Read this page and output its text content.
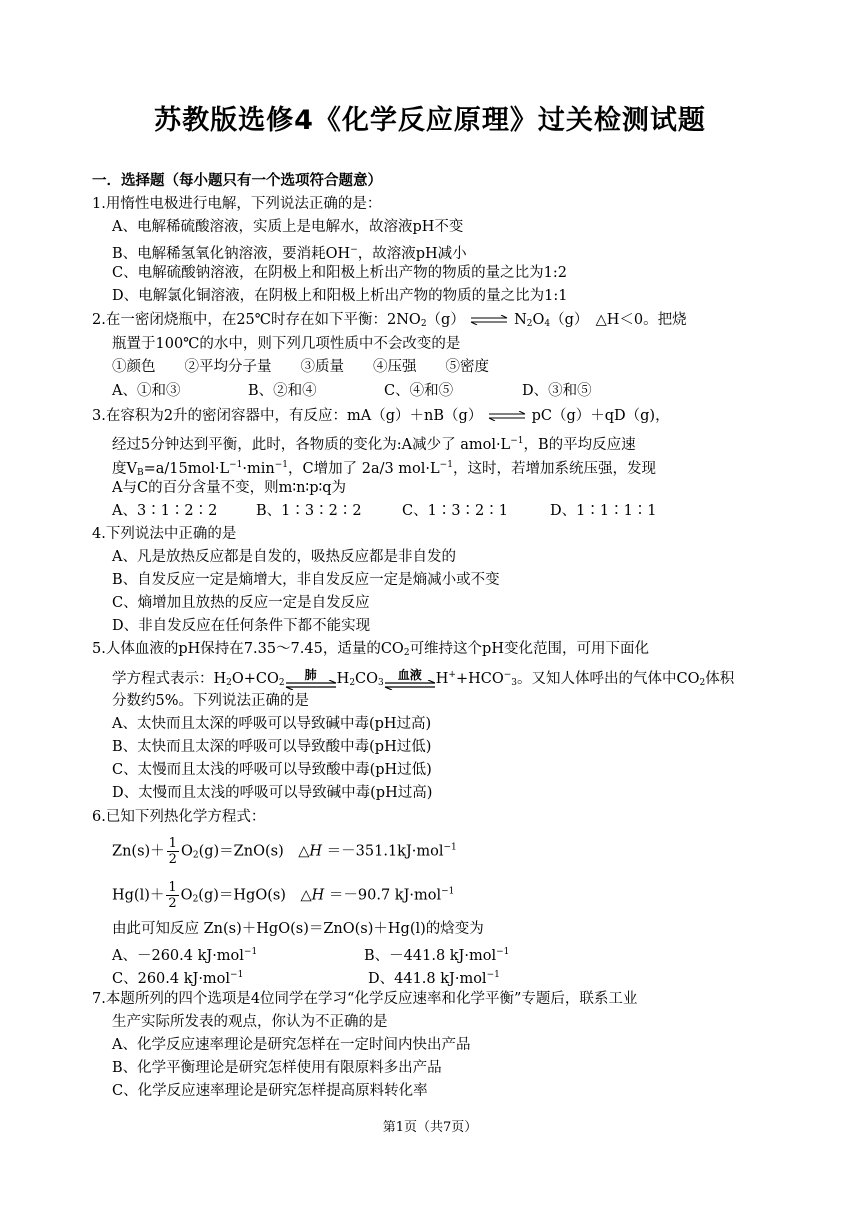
苏教版选修4《化学反应原理》过关检测试题
一．选择题（每小题只有一个选项符合题意）
1.用惰性电极进行电解，下列说法正确的是：
A、电解稀硫酸溶液，实质上是电解水，故溶液pH不变
B、电解稀氢氧化钠溶液，要消耗OH−，故溶液pH减小
C、电解硫酸钠溶液，在阴极上和阳极上析出产物的物质的量之比为1:2
D、电解氯化铜溶液，在阴极上和阳极上析出产物的物质的量之比为1:1
2.在一密闭烧瓶中，在25℃时存在如下平衡：$2NO_2(g)$ ⇌ $N_2O_4(g)$　△H＜0。把烧
瓶置于100℃的水中，则下列几项性质中不会改变的是
①颜色　　②平均分子量　　③质量　　④压强　　⑤密度
A、①和③	B、②和④	C、④和⑤	D、③和⑤
3.在容积为2升的密闭容器中，有反应：mA（g）＋nB（g） ⇌ pC（g）＋qD（g)，
经过5分钟达到平衡，此时，各物质的变化为:A减少了 $amol\cdot L^{-1}$，B的平均反应速
度$V_B=a/15mol\cdot L^{-1}\cdot\min^{-1}$，C增加了 2a/3 $mol\cdot L^{-1}$，这时，若增加系统压强，发现
A与C的百分含量不变，则m∶n∶p∶q为
A、3∶1∶2∶2	B、1∶3∶2∶2	C、1∶3∶2∶1	D、1∶1∶1∶1
4.下列说法中正确的是
A、凡是放热反应都是自发的，吸热反应都是非自发的
B、自发反应一定是熵增大，非自发反应一定是熵减小或不变
C、熵增加且放热的反应一定是自发反应
D、非自发反应在任何条件下都不能实现
5.人体血液的pH保持在7.35～7.45，适量的$CO_2$可维持这个pH变化范围，可用下面化
学方程式表示：$H_2O+CO_2$
肺	$H_2CO_3$
血液 $H^++HCO^-_3$。又知人体呼出的气体中$CO_2$体积
分数约5%。下列说法正确的是
A、太快而且太深的呼吸可以导致碱中毒(pH过高)
B、太快而且太深的呼吸可以导致酸中毒(pH过低)
C、太慢而且太浅的呼吸可以导致酸中毒(pH过低)
D、太慢而且太浅的呼吸可以导致碱中毒(pH过高)
6.已知下列热化学方程式：
$Zn(s)+ \frac{1}{2} O_2(g)=ZnO(s)$　△H ＝－351.1kJ·mol$^{-1}$
$Hg(l)+ \frac{1}{2} O_2(g)=HgO(s)$　△H ＝－90.7 kJ·mol$^{-1}$
由此可知反应 Zn(s)＋HgO(s)＝ZnO(s)＋Hg(l)的焓变为
A、－260.4 kJ·mol$^{-1}$	B、－441.8 kJ·mol$^{-1}$
C、260.4 kJ·mol$^{-1}$	D、441.8 kJ·mol$^{-1}$
7.本题所列的四个选项是4位同学在学习“化学反应速率和化学平衡”专题后，联系工业
生产实际所发表的观点，你认为不正确的是
A、化学反应速率理论是研究怎样在一定时间内快出产品
B、化学平衡理论是研究怎样使用有限原料多出产品
C、化学反应速率理论是研究怎样提高原料转化率
第1页（共7页）
